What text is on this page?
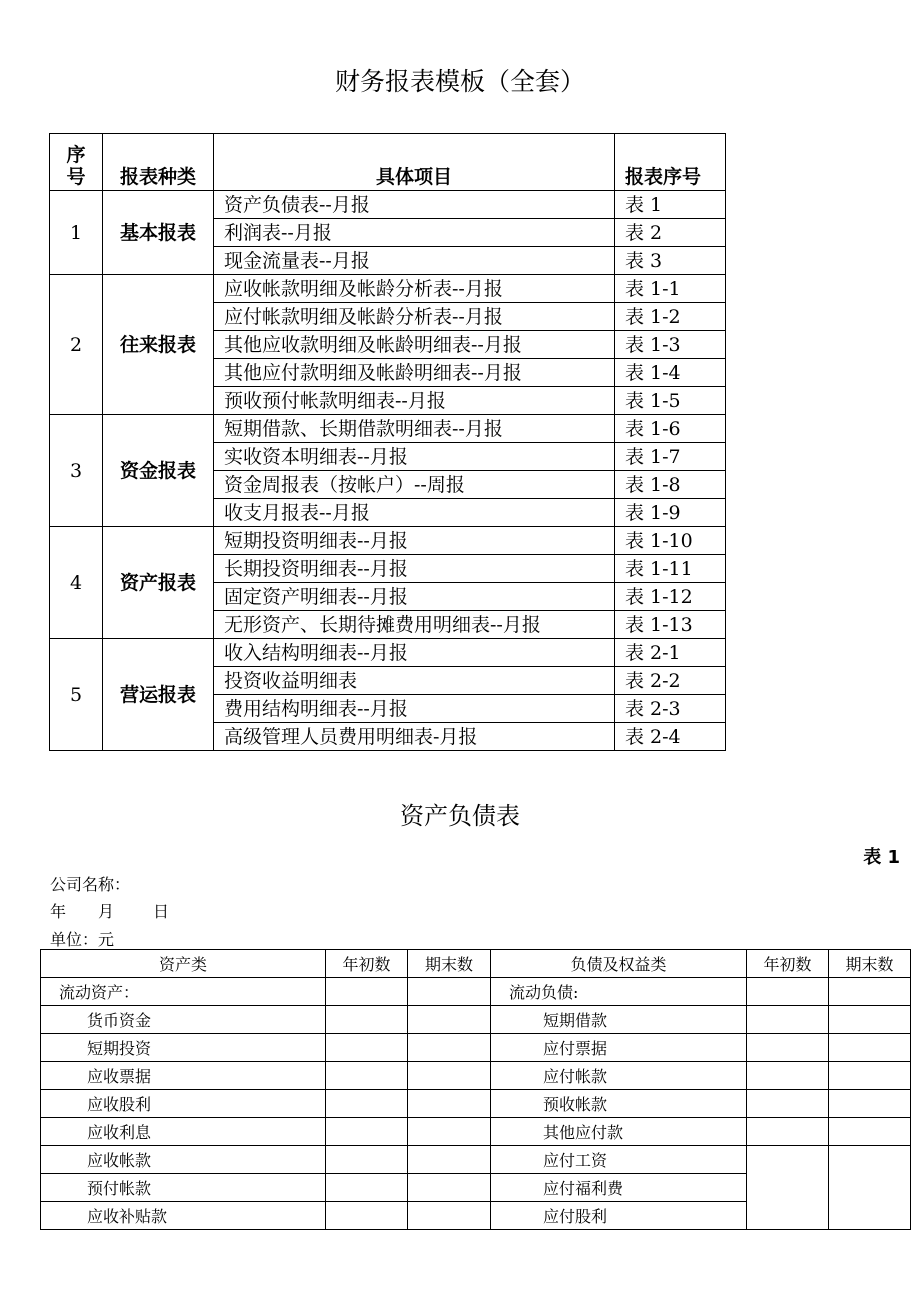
财务报表模板（全套）
序号	报表种类	具体项目	报表序号
1	基本报表	资产负债表--月报	表 1
		利润表--月报	表 2
		现金流量表--月报	表 3
2	往来报表	应收帐款明细及帐龄分析表--月报	表 1-1
		应付帐款明细及帐龄分析表--月报	表 1-2
		其他应收款明细及帐龄明细表--月报	表 1-3
		其他应付款明细及帐龄明细表--月报	表 1-4
		预收预付帐款明细表--月报	表 1-5
3	资金报表	短期借款、长期借款明细表--月报	表 1-6
		实收资本明细表--月报	表 1-7
		资金周报表（按帐户）--周报	表 1-8
		收支月报表--月报	表 1-9
4	资产报表	短期投资明细表--月报	表 1-10
		长期投资明细表--月报	表 1-11
		固定资产明细表--月报	表 1-12
		无形资产、长期待摊费用明细表--月报	表 1-13
5	营运报表	收入结构明细表--月报	表 2-1
		投资收益明细表	表 2-2
		费用结构明细表--月报	表 2-3
		高级管理人员费用明细表-月报	表 2-4
资产负债表
表 1
公司名称：
年 月 日
单位：元
资产类	年初数	期末数	负债及权益类	年初数	期末数
流动资产：			流动负债:		
货币资金			短期借款		
短期投资			应付票据		
应收票据			应付帐款		
应收股利			预收帐款		
应收利息			其他应付款		
应收帐款			应付工资		
预付帐款			应付福利费		
应收补贴款			应付股利		
